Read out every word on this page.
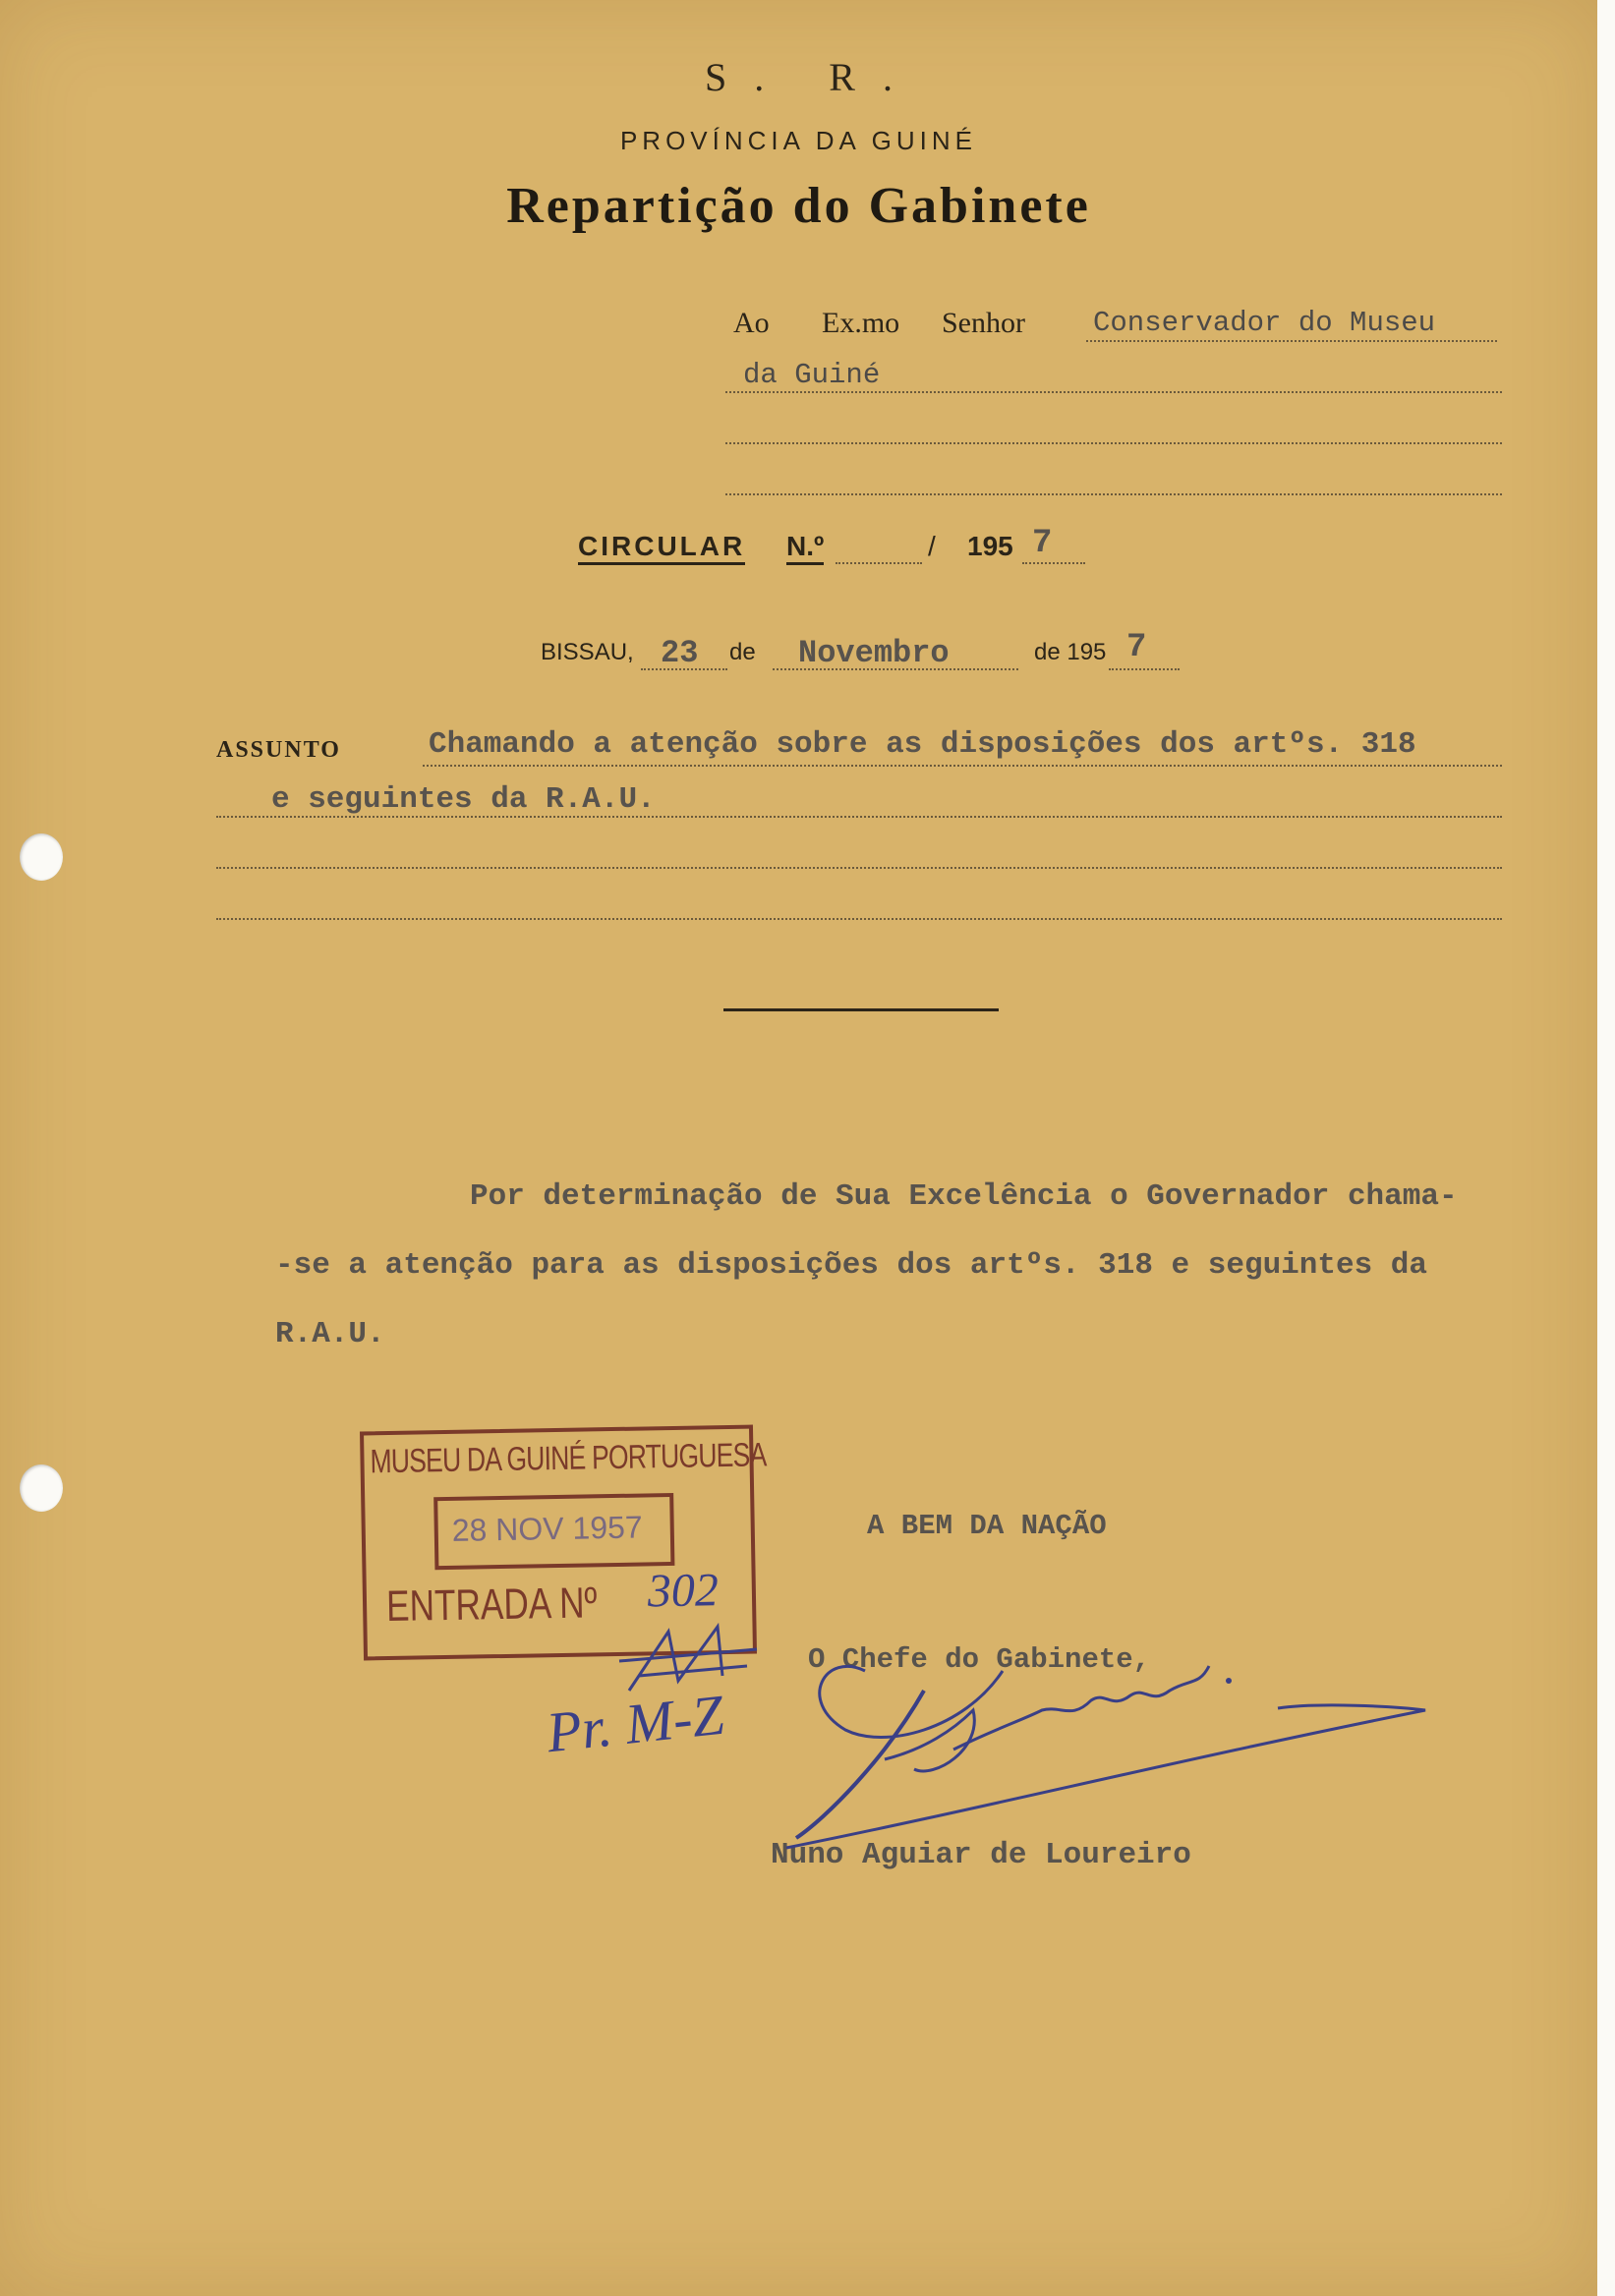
S. R.
PROVÍNCIA DA GUINÉ
Repartição do Gabinete
Ao Ex.mo Senhor Conservador do Museu
da Guiné
CIRCULAR N.º	/ 195 7
BISSAU, 23 de Novembro	de 195 7
ASSUNTO	Chamando a atenção sobre as disposições dos artºs. 318
e seguintes da R.A.U.
Por determinação de Sua Excelência o Governador chama-
-se a atenção para as disposições dos artºs. 318 e seguintes da
R.A.U.
A BEM DA NAÇÃO
O Chefe do Gabinete,
Nuno Aguiar de Loureiro
MUSEU DA GUINÉ PORTUGUESA
28 NOV 1957
ENTRADA Nº 302
Pr. M-Z
